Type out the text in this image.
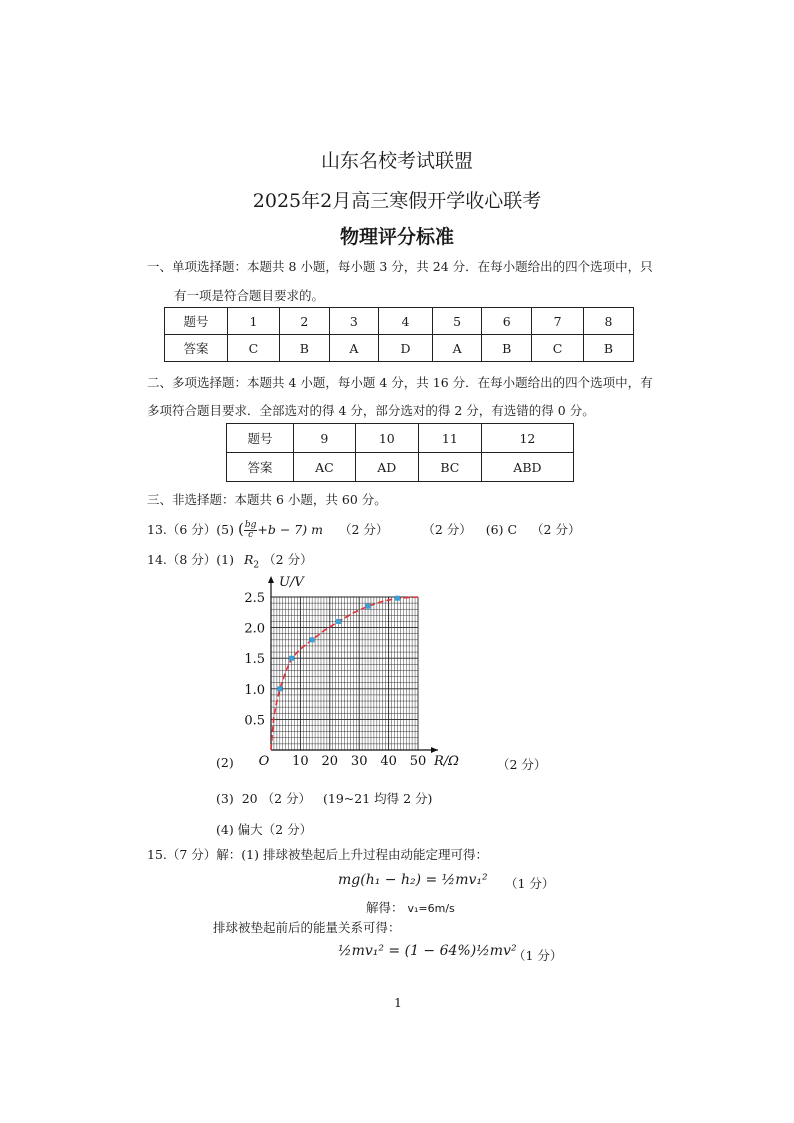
山东名校考试联盟
2025年2月高三寒假开学收心联考
物理评分标准
一、单项选择题：本题共 8 小题，每小题 3 分，共 24 分．在每小题给出的四个选项中，只
有一项是符合题目要求的。
题号	1	2	3	4	5	6	7	8
答案	C	B	A	D	A	B	C	B
二、多项选择题：本题共 4 小题，每小题 4 分，共 16 分．在每小题给出的四个选项中，有
多项符合题目要求．全部选对的得 4 分，部分选对的得 2 分，有选错的得 0 分。
题号	9	10	11	12
答案	AC	AD	BC	ABD
三、非选择题：本题共 6 小题，共 60 分。
13.（6 分）(5) ( $\frac{bg}{c} +b - 7$) m （2 分）	（2 分） (6) C （2 分）
14.（8 分）(1) $R_2$ （2 分）
0.5
1.0
1.5
2.0
2.5
10 20 30 40 50
O
U/V
R/Ω
(2)	（2 分）
(3) 20 （2 分） (19~21 均得 2 分)
(4) 偏大（2 分）
15.（7 分）解：(1) 排球被垫起后上升过程由动能定理可得：
mg(h₁ − h₂) = ½mv₁² （1 分）
解得： v₁=6m/s
排球被垫起前后的能量关系可得：
½mv₁² = (1 − 64%)½mv²
（1 分）
1
